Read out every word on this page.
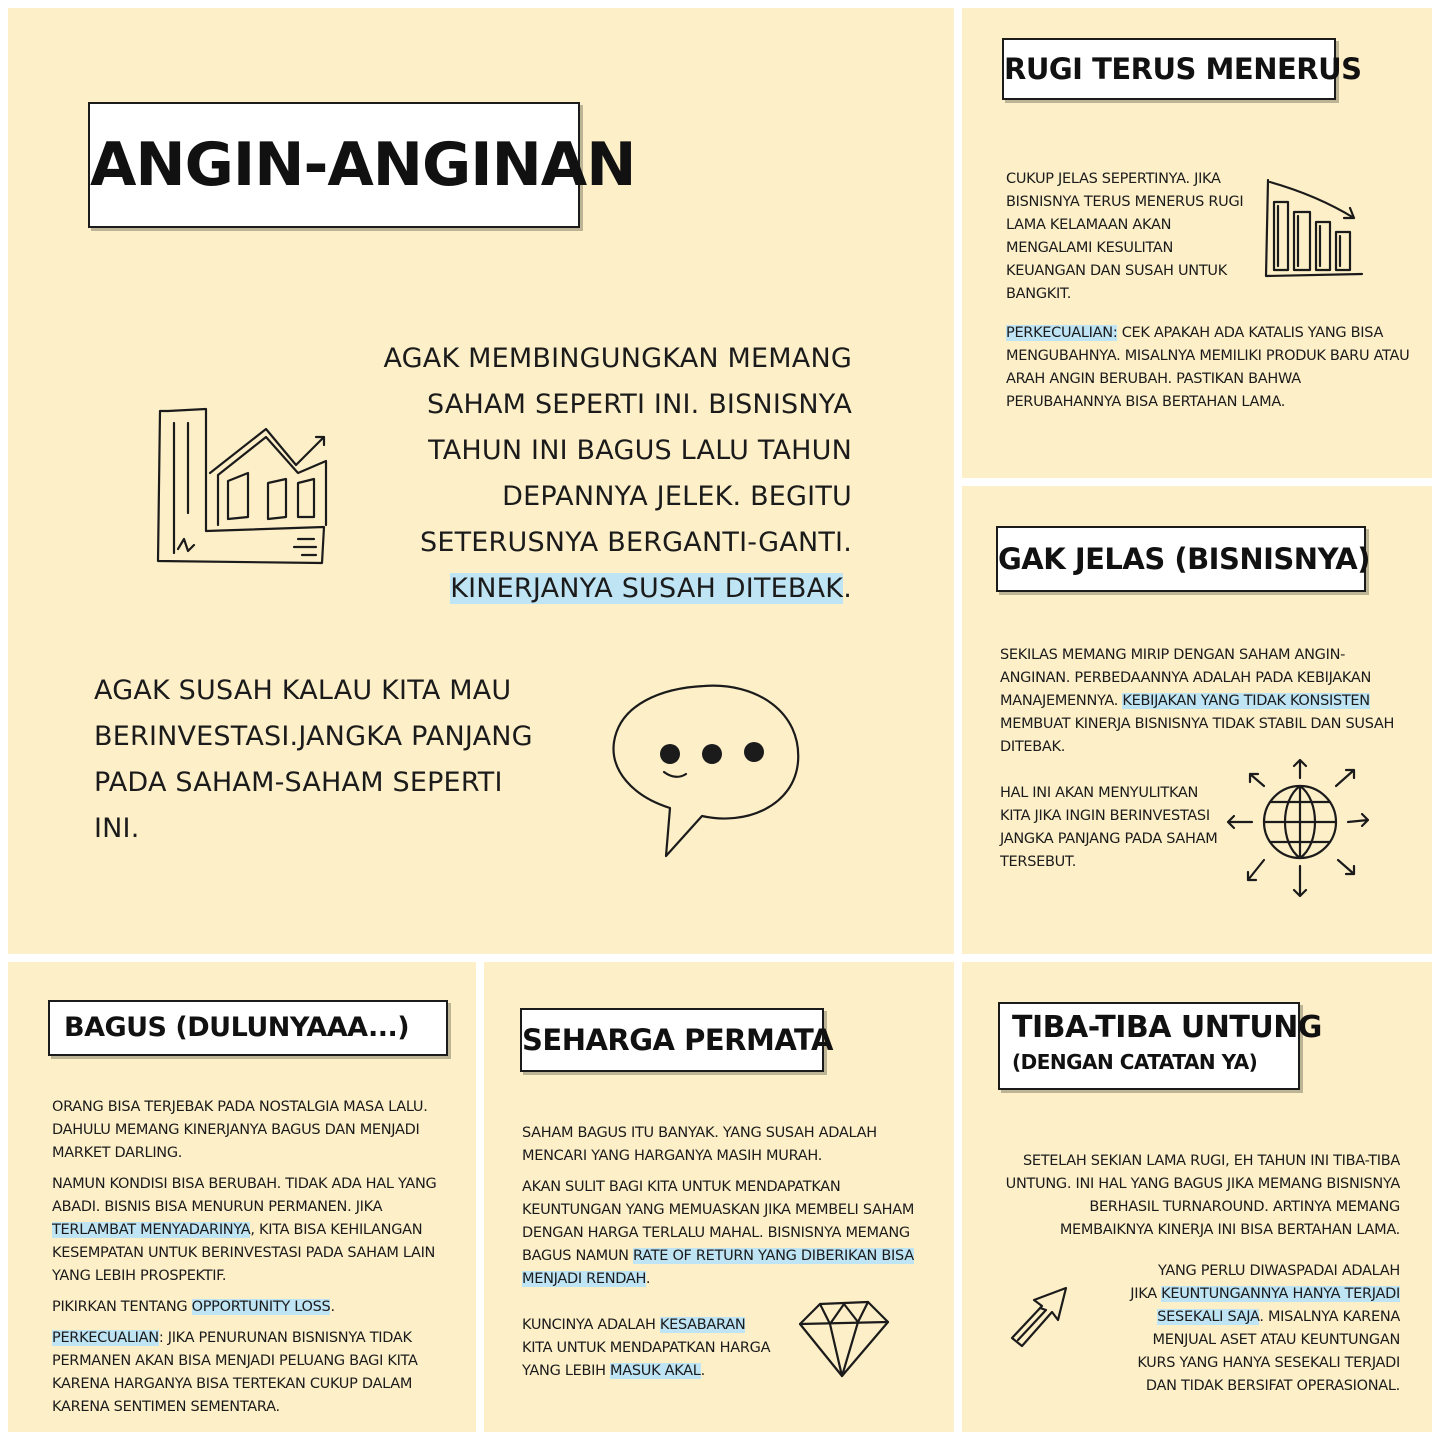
ANGIN-ANGINAN
AGAK MEMBINGUNGKAN MEMANG SAHAM SEPERTI INI. BISNISNYA TAHUN INI BAGUS LALU TAHUN DEPANNYA JELEK. BEGITU SETERUSNYA BERGANTI-GANTI. KINERJANYA SUSAH DITEBAK.
AGAK SUSAH KALAU KITA MAU BERINVESTASI.JANGKA PANJANG PADA SAHAM-SAHAM SEPERTI INI.
RUGI TERUS MENERUS
CUKUP JELAS SEPERTINYA. JIKA BISNISNYA TERUS MENERUS RUGI LAMA KELAMAAN AKAN MENGALAMI KESULITAN KEUANGAN DAN SUSAH UNTUK BANGKIT.
PERKECUALIAN: CEK APAKAH ADA KATALIS YANG BISA MENGUBAHNYA. MISALNYA MEMILIKI PRODUK BARU ATAU ARAH ANGIN BERUBAH. PASTIKAN BAHWA PERUBAHANNYA BISA BERTAHAN LAMA.
GAK JELAS (BISNISNYA)
SEKILAS MEMANG MIRIP DENGAN SAHAM ANGIN-ANGINAN. PERBEDAANNYA ADALAH PADA KEBIJAKAN MANAJEMENNYA. KEBIJAKAN YANG TIDAK KONSISTEN MEMBUAT KINERJA BISNISNYA TIDAK STABIL DAN SUSAH DITEBAK.
HAL INI AKAN MENYULITKAN KITA JIKA INGIN BERINVESTASI JANGKA PANJANG PADA SAHAM TERSEBUT.
BAGUS (DULUNYAAA...)

ORANG BISA TERJEBAK PADA NOSTALGIA MASA LALU. DAHULU MEMANG KINERJANYA BAGUS DAN MENJADI MARKET DARLING.

NAMUN KONDISI BISA BERUBAH. TIDAK ADA HAL YANG ABADI. BISNIS BISA MENURUN PERMANEN. JIKA TERLAMBAT MENYADARINYA, KITA BISA KEHILANGAN KESEMPATAN UNTUK BERINVESTASI PADA SAHAM LAIN YANG LEBIH PROSPEKTIF.

PIKIRKAN TENTANG OPPORTUNITY LOSS.

PERKECUALIAN: JIKA PENURUNAN BISNISNYA TIDAK PERMANEN AKAN BISA MENJADI PELUANG BAGI KITA KARENA HARGANYA BISA TERTEKAN CUKUP DALAM KARENA SENTIMEN SEMENTARA.

SEHARGA PERMATA

SAHAM BAGUS ITU BANYAK. YANG SUSAH ADALAH MENCARI YANG HARGANYA MASIH MURAH.

AKAN SULIT BAGI KITA UNTUK MENDAPATKAN KEUNTUNGAN YANG MEMUASKAN JIKA MEMBELI SAHAM DENGAN HARGA TERLALU MAHAL. BISNISNYA MEMANG BAGUS NAMUN RATE OF RETURN YANG DIBERIKAN BISA MENJADI RENDAH.

KUNCINYA ADALAH KESABARAN KITA UNTUK MENDAPATKAN HARGA YANG LEBIH MASUK AKAL.
TIBA-TIBA UNTUNG
(DENGAN CATATAN YA)
SETELAH SEKIAN LAMA RUGI, EH TAHUN INI TIBA-TIBA UNTUNG. INI HAL YANG BAGUS JIKA MEMANG BISNISNYA BERHASIL TURNAROUND. ARTINYA MEMANG MEMBAIKNYA KINERJA INI BISA BERTAHAN LAMA.
YANG PERLU DIWASPADAI ADALAH JIKA KEUNTUNGANNYA HANYA TERJADI SESEKALI SAJA. MISALNYA KARENA MENJUAL ASET ATAU KEUNTUNGAN KURS YANG HANYA SESEKALI TERJADI DAN TIDAK BERSIFAT OPERASIONAL.
